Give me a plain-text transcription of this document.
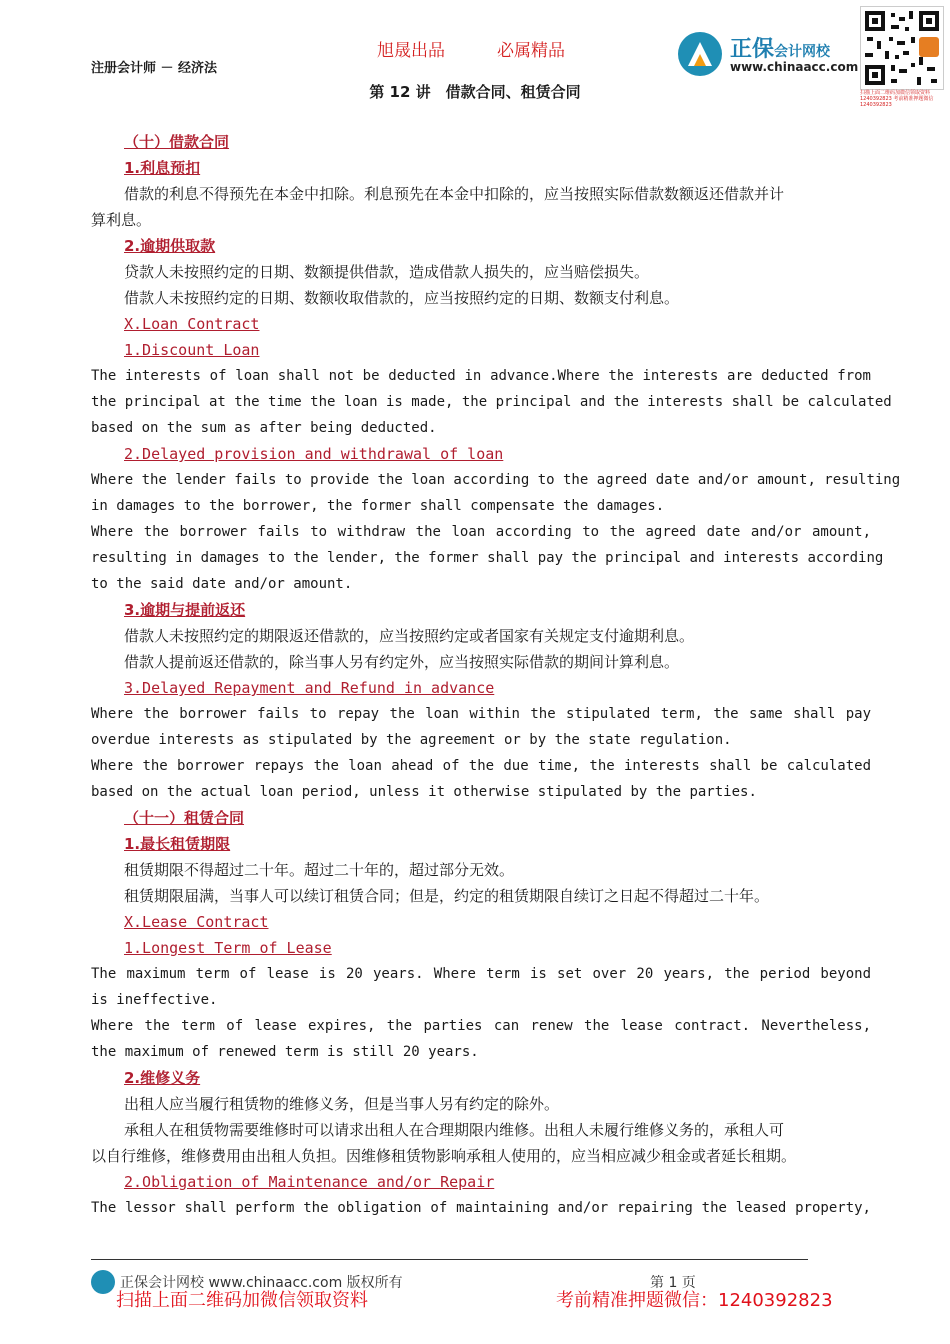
注册会计师 － 经济法
旭晟出品	必属精品
第 12 讲　借款合同、租赁合同
正保会计网校
www.chinaacc.com
扫描上面二维码加微信领取资料 1240392823 考前精准押题微信 1240392823
（十）借款合同
1.利息预扣
借款的利息不得预先在本金中扣除。利息预先在本金中扣除的，应当按照实际借款数额返还借款并计
算利息。
2.逾期供取款
贷款人未按照约定的日期、数额提供借款，造成借款人损失的，应当赔偿损失。
借款人未按照约定的日期、数额收取借款的，应当按照约定的日期、数额支付利息。
X.Loan Contract
1.Discount Loan
The interests of loan shall not be deducted in advance.Where the interests are deducted from
the principal at the time the loan is made, the principal and the interests shall be calculated
based on the sum as after being deducted.
2.Delayed provision and withdrawal of loan
Where the lender fails to provide the loan according to the agreed date and/or amount, resulting
in damages to the borrower, the former shall compensate the damages.
Where the borrower fails to withdraw the loan according to the agreed date and/or amount,
resulting in damages to the lender, the former shall pay the principal and interests according
to the said date and/or amount.
3.逾期与提前返还
借款人未按照约定的期限返还借款的，应当按照约定或者国家有关规定支付逾期利息。
借款人提前返还借款的，除当事人另有约定外，应当按照实际借款的期间计算利息。
3.Delayed Repayment and Refund in advance
Where the borrower fails to repay the loan within the stipulated term, the same shall pay
overdue interests as stipulated by the agreement or by the state regulation.
Where the borrower repays the loan ahead of the due time, the interests shall be calculated
based on the actual loan period, unless it otherwise stipulated by the parties.
（十一）租赁合同
1.最长租赁期限
租赁期限不得超过二十年。超过二十年的，超过部分无效。
租赁期限届满，当事人可以续订租赁合同；但是，约定的租赁期限自续订之日起不得超过二十年。
X.Lease Contract
1.Longest Term of Lease
The maximum term of lease is 20 years. Where term is set over 20 years, the period beyond
is ineffective.
Where the term of lease expires, the parties can renew the lease contract. Nevertheless,
the maximum of renewed term is still 20 years.
2.维修义务
出租人应当履行租赁物的维修义务，但是当事人另有约定的除外。
承租人在租赁物需要维修时可以请求出租人在合理期限内维修。出租人未履行维修义务的，承租人可
以自行维修，维修费用由出租人负担。因维修租赁物影响承租人使用的，应当相应减少租金或者延长租期。
2.Obligation of Maintenance and/or Repair
The lessor shall perform the obligation of maintaining and/or repairing the leased property,
正保会计网校 www.chinaacc.com 版权所有	第 1 页
扫描上面二维码加微信领取资料	考前精准押题微信：1240392823
